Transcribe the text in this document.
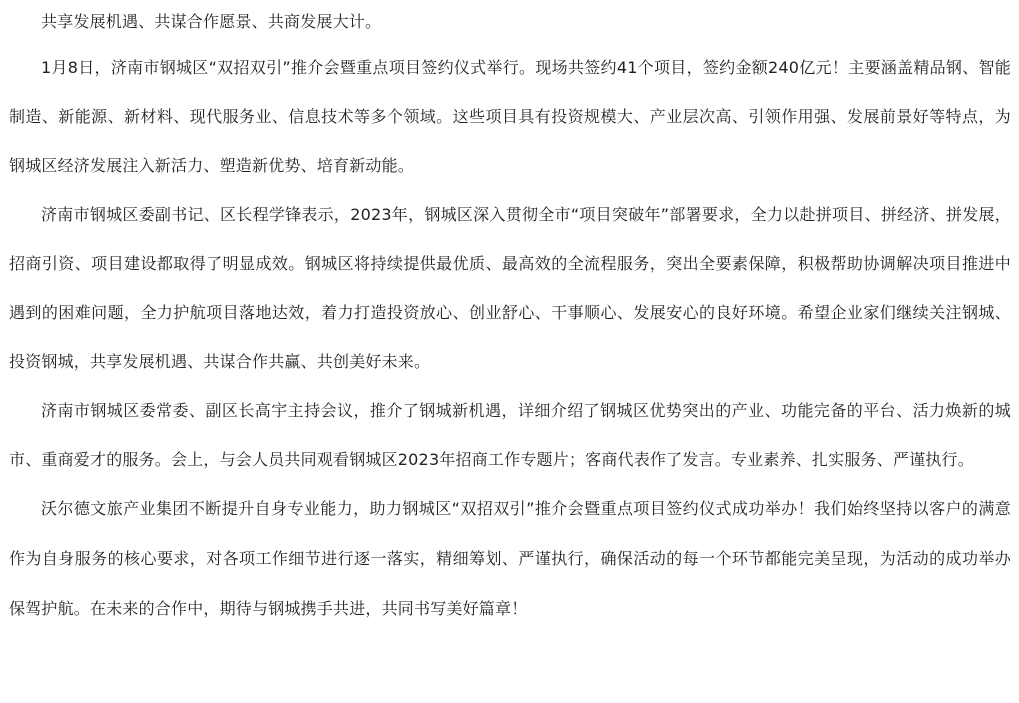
共享发展机遇、共谋合作愿景、共商发展大计。

1月8日，济南市钢城区“双招双引”推介会暨重点项目签约仪式举行。现场共签约41个项目，签约金额240亿元！主要涵盖精品钢、智能制造、新能源、新材料、现代服务业、信息技术等多个领域。这些项目具有投资规模大、产业层次高、引领作用强、发展前景好等特点，为钢城区经济发展注入新活力、塑造新优势、培育新动能。

济南市钢城区委副书记、区长程学锋表示，2023年，钢城区深入贯彻全市“项目突破年”部署要求，全力以赴拼项目、拼经济、拼发展，招商引资、项目建设都取得了明显成效。钢城区将持续提供最优质、最高效的全流程服务，突出全要素保障，积极帮助协调解决项目推进中遇到的困难问题，全力护航项目落地达效，着力打造投资放心、创业舒心、干事顺心、发展安心的良好环境。希望企业家们继续关注钢城、投资钢城，共享发展机遇、共谋合作共赢、共创美好未来。

济南市钢城区委常委、副区长高宇主持会议，推介了钢城新机遇，详细介绍了钢城区优势突出的产业、功能完备的平台、活力焕新的城市、重商爱才的服务。会上，与会人员共同观看钢城区2023年招商工作专题片；客商代表作了发言。专业素养、扎实服务、严谨执行。

沃尔德文旅产业集团不断提升自身专业能力，助力钢城区“双招双引”推介会暨重点项目签约仪式成功举办！我们始终坚持以客户的满意作为自身服务的核心要求，对各项工作细节进行逐一落实，精细筹划、严谨执行，确保活动的每一个环节都能完美呈现，为活动的成功举办保驾护航。在未来的合作中，期待与钢城携手共进，共同书写美好篇章！
